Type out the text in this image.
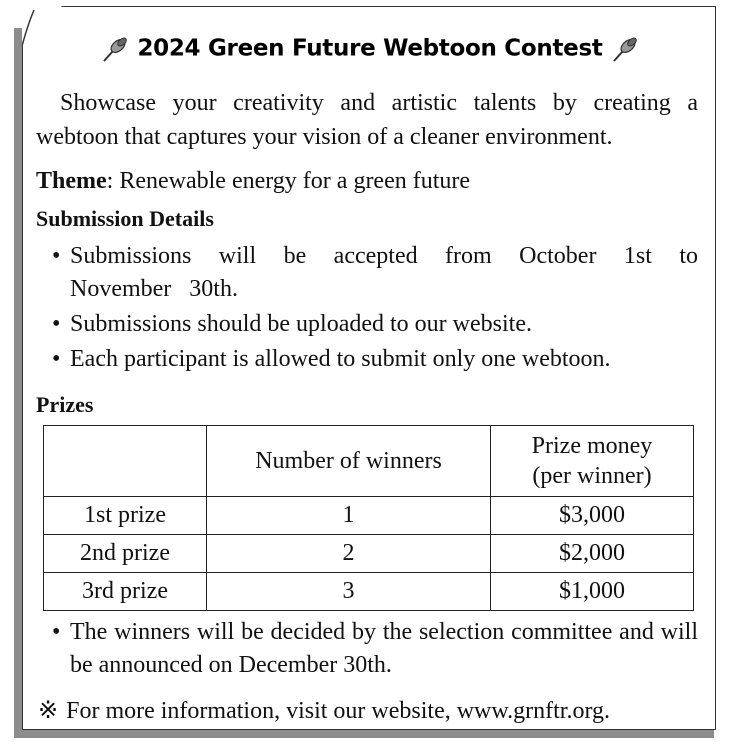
2024 Green Future Webtoon Contest
Showcase your creativity and artistic talents by creating a webtoon that captures your vision of a cleaner environment.
Theme: Renewable energy for a green future
Submission Details
• Submissions will be accepted from October 1st to November 30th.
• Submissions should be uploaded to our website.
• Each participant is allowed to submit only one webtoon.
Prizes
	Number of winners	Prize money
(per winner)
1st prize	1	$3,000
2nd prize	2	$2,000
3rd prize	3	$1,000
• The winners will be decided by the selection committee and will be announced on December 30th.
※ For more information, visit our website, www.grnftr.org.
